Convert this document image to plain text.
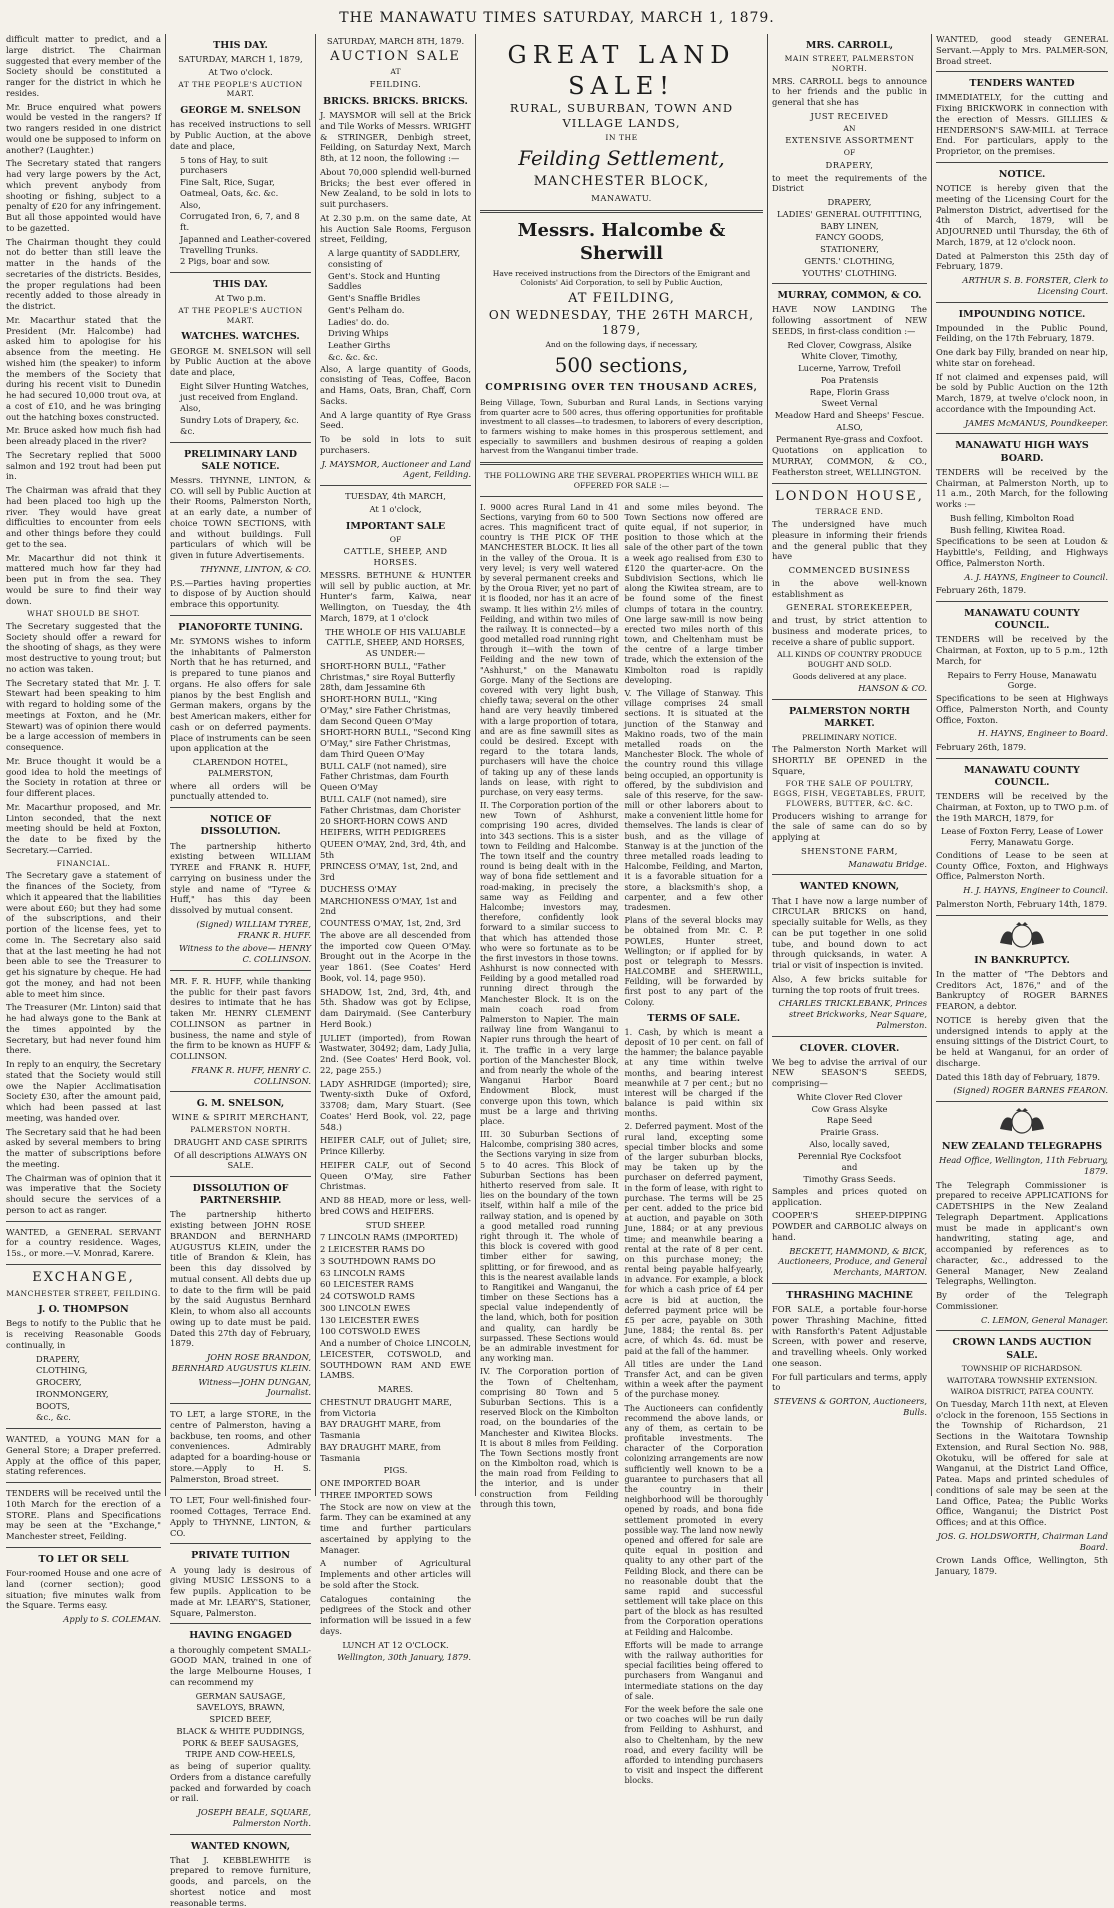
THE MANAWATU TIMES SATURDAY, MARCH 1, 1879.

difficult matter to predict, and a large district. The Chairman suggested that every member of the Society should be constituted a ranger for the district in which he resides.

Mr. Bruce enquired what powers would be vested in the rangers? If two rangers resided in one district would one be supposed to inform on another? (Laughter.)

The Secretary stated that rangers had very large powers by the Act, which prevent anybody from shooting or fishing, subject to a penalty of £20 for any infringement. But all those appointed would have to be gazetted.

The Chairman thought they could not do better than still leave the matter in the hands of the secretaries of the districts. Besides, the proper regulations had been recently added to those already in the district.

Mr. Macarthur stated that the President (Mr. Halcombe) had asked him to apologise for his absence from the meeting. He wished him (the speaker) to inform the members of the Society that during his recent visit to Dunedin he had secured 10,000 trout ova, at a cost of £10, and he was bringing out the hatching boxes constructed.

Mr. Bruce asked how much fish had been already placed in the river?

The Secretary replied that 5000 salmon and 192 trout had been put in.

The Chairman was afraid that they had been placed too high up the river. They would have great difficulties to encounter from eels and other things before they could get to the sea.

Mr. Macarthur did not think it mattered much how far they had been put in from the sea. They would be sure to find their way down.

WHAT SHOULD BE SHOT.

The Secretary suggested that the Society should offer a reward for the shooting of shags, as they were most destructive to young trout; but no action was taken.

The Secretary stated that Mr. J. T. Stewart had been speaking to him with regard to holding some of the meetings at Foxton, and he (Mr. Stewart) was of opinion there would be a large accession of members in consequence.

Mr. Bruce thought it would be a good idea to hold the meetings of the Society in rotation at three or four different places.

Mr. Macarthur proposed, and Mr. Linton seconded, that the next meeting should be held at Foxton, the date to be fixed by the Secretary.—Carried.

FINANCIAL.

The Secretary gave a statement of the finances of the Society, from which it appeared that the liabilities were about £60; but they had some of the subscriptions, and their portion of the license fees, yet to come in. The Secretary also said that at the last meeting he had not been able to see the Treasurer to get his signature by cheque. He had got the money, and had not been able to meet him since.

The Treasurer (Mr. Linton) said that he had always gone to the Bank at the times appointed by the Secretary, but had never found him there.

In reply to an enquiry, the Secretary stated that the Society would still owe the Napier Acclimatisation Society £30, after the amount paid, which had been passed at last meeting, was handed over.

The Secretary said that he had been asked by several members to bring the matter of subscriptions before the meeting.

The Chairman was of opinion that it was imperative that the Society should secure the services of a person to act as ranger.

WANTED, a GENERAL SERVANT for a country residence. Wages, 15s., or more.—V. Monrad, Karere.

EXCHANGE,
MANCHESTER STREET, FEILDING.
J. O. THOMPSON

Begs to notify to the Public that he is receiving Reasonable Goods continually, in

DRAPERY,
CLOTHING,
GROCERY,
IRONMONGERY,
BOOTS,
&c., &c.

WANTED, a YOUNG MAN for a General Store; a Draper preferred. Apply at the office of this paper, stating references.

TENDERS will be received until the 10th March for the erection of a STORE. Plans and Specifications may be seen at the "Exchange," Manchester street, Feilding.

TO LET OR SELL

Four-roomed House and one acre of land (corner section); good situation; five minutes walk from the Square. Terms easy.

Apply to S. COLEMAN.
THIS DAY.
SATURDAY, MARCH 1, 1879,
At Two o'clock.
AT THE PEOPLE'S AUCTION MART.
GEORGE M. SNELSON

has received instructions to sell by Public Auction, at the above date and place,

5 tons of Hay, to suit purchasers
Fine Salt, Rice, Sugar, Oatmeal, Oats, &c. &c.
Also,
Corrugated Iron, 6, 7, and 8 ft.
Japanned and Leather-covered Travelling Trunks.
2 Pigs, boar and sow.
THIS DAY.
At Two p.m.
AT THE PEOPLE'S AUCTION MART.
WATCHES. WATCHES.

GEORGE M. SNELSON will sell by Public Auction at the above date and place,

Eight Silver Hunting Watches, just received from England.
Also,
Sundry Lots of Drapery, &c. &c.
PRELIMINARY LAND SALE NOTICE.

Messrs. THYNNE, LINTON, & CO. will sell by Public Auction at their Rooms, Palmerston North, at an early date, a number of choice TOWN SECTIONS, with and without buildings. Full particulars of which will be given in future Advertisements.

THYNNE, LINTON, & CO.

P.S.—Parties having properties to dispose of by Auction should embrace this opportunity.

PIANOFORTE TUNING.

Mr. SYMONS wishes to inform the inhabitants of Palmerston North that he has returned, and is prepared to tune pianos and organs. He also offers for sale pianos by the best English and German makers, organs by the best American makers, either for cash or on deferred payments. Place of instruments can be seen upon application at the

CLARENDON HOTEL, PALMERSTON,

where all orders will be punctually attended to.

NOTICE OF DISSOLUTION.

The partnership hitherto existing between WILLIAM TYREE and FRANK R. HUFF, carrying on business under the style and name of "Tyree & Huff," has this day been dissolved by mutual consent.

(Signed) WILLIAM TYREE, FRANK R. HUFF.
Witness to the above— HENRY C. COLLINSON.

MR. F. R. HUFF, while thanking the public for their past favors desires to intimate that he has taken Mr. HENRY CLEMENT COLLINSON as partner in business, the name and style of the firm to be known as HUFF & COLLINSON.

FRANK R. HUFF, HENRY C. COLLINSON.
G. M. SNELSON,
WINE & SPIRIT MERCHANT,
PALMERSTON NORTH.
DRAUGHT AND CASE SPIRITS
Of all descriptions ALWAYS ON SALE.
DISSOLUTION OF PARTNERSHIP.

The partnership hitherto existing between JOHN ROSE BRANDON and BERNHARD AUGUSTUS KLEIN, under the title of Brandon & Klein, has been this day dissolved by mutual consent. All debts due up to date to the firm will be paid by the said Augustus Bernhard Klein, to whom also all accounts owing up to date must be paid. Dated this 27th day of February, 1879.

JOHN ROSE BRANDON, BERNHARD AUGUSTUS KLEIN.
Witness—JOHN DUNGAN, Journalist.

TO LET, a large STORE, in the centre of Palmerston, having a backbuse, ten rooms, and other conveniences. Admirably adapted for a boarding-house or store.—Apply to H. S. Palmerston, Broad street.

TO LET, Four well-finished four-roomed Cottages, Terrace End. Apply to THYNNE, LINTON, & CO.

PRIVATE TUITION

A young lady is desirous of giving MUSIC LESSONS to a few pupils. Application to be made at Mr. LEARY'S, Stationer, Square, Palmerston.

HAVING ENGAGED

a thoroughly competent SMALL-GOOD MAN, trained in one of the large Melbourne Houses, I can recommend my

GERMAN SAUSAGE,
SAVELOYS, BRAWN,
SPICED BEEF,
BLACK & WHITE PUDDINGS,
PORK & BEEF SAUSAGES,
TRIPE AND COW-HEELS,

as being of superior quality. Orders from a distance carefully packed and forwarded by coach or rail.

JOSEPH BEALE, SQUARE, Palmerston North.
WANTED KNOWN,

That J. KEBBLEWHITE is prepared to remove furniture, goods, and parcels, on the shortest notice and most reasonable terms.

SATURDAY, MARCH 8TH, 1879.
AUCTION SALE
AT
FEILDING.
BRICKS. BRICKS. BRICKS.

J. MAYSMOR will sell at the Brick and Tile Works of Messrs. WRIGHT & STRINGER, Denbigh street, Feilding, on Saturday Next, March 8th, at 12 noon, the following :—

About 70,000 splendid well-burned Bricks; the best ever offered in New Zealand, to be sold in lots to suit purchasers.

At 2.30 p.m. on the same date, At his Auction Sale Rooms, Ferguson street, Feilding,

A large quantity of SADDLERY, consisting of
Gent's. Stock and Hunting Saddles
Gent's Snaffle Bridles
Gent's Pelham do.
Ladies' do. do.
Driving Whips
Leather Girths
&c. &c. &c.

Also, A large quantity of Goods, consisting of Teas, Coffee, Bacon and Hams, Oats, Bran, Chaff, Corn Sacks.

And A large quantity of Rye Grass Seed.

To be sold in lots to suit purchasers.

J. MAYSMOR, Auctioneer and Land Agent, Feilding.
TUESDAY, 4th MARCH,
At 1 o'clock,
IMPORTANT SALE
OF
CATTLE, SHEEP, AND HORSES.

MESSRS. BETHUNE & HUNTER will sell by public auction, at Mr. Hunter's farm, Kaiwa, near Wellington, on Tuesday, the 4th March, 1879, at 1 o'clock

THE WHOLE OF HIS VALUABLE CATTLE, SHEEP, AND HORSES, AS UNDER:—
SHORT-HORN BULL, "Father Christmas," sire Royal Butterfly 28th, dam Jessamine 6th
SHORT-HORN BULL, "King O'May," sire Father Christmas, dam Second Queen O'May
SHORT-HORN BULL, "Second King O'May," sire Father Christmas, dam Third Queen O'May
BULL CALF (not named), sire Father Christmas, dam Fourth Queen O'May
BULL CALF (not named), sire Father Christmas, dam Chorister
20 SHORT-HORN COWS AND HEIFERS, WITH PEDIGREES
QUEEN O'MAY, 2nd, 3rd, 4th, and 5th
PRINCESS O'MAY, 1st, 2nd, and 3rd
DUCHESS O'MAY
MARCHIONESS O'MAY, 1st and 2nd
COUNTESS O'MAY, 1st, 2nd, 3rd

The above are all descended from the imported cow Queen O'May. Brought out in the Acorpe in the year 1861. (See Coates' Herd Book, vol. 14, page 950).

SHADOW, 1st, 2nd, 3rd, 4th, and 5th. Shadow was got by Eclipse, dam Dairymaid. (See Canterbury Herd Book.)

JULIET (imported), from Rowan Wastwater, 30492; dam, Lady Julia, 2nd. (See Coates' Herd Book, vol. 22, page 255.)

LADY ASHRIDGE (imported); sire, Twenty-sixth Duke of Oxford, 33708; dam, Mary Stuart. (See Coates' Herd Book, vol. 22, page 548.)

HEIFER CALF, out of Juliet; sire, Prince Killerby.

HEIFER CALF, out of Second Queen O'May, sire Father Christmas.

AND 88 HEAD, more or less, well-bred COWS and HEIFERS.

STUD SHEEP.
7 LINCOLN RAMS (IMPORTED)
2 LEICESTER RAMS DO
3 SOUTHDOWN RAMS DO
63 LINCOLN RAMS
60 LEICESTER RAMS
24 COTSWOLD RAMS
300 LINCOLN EWES
130 LEICESTER EWES
100 COTSWOLD EWES

And a number of Choice LINCOLN, LEICESTER, COTSWOLD, and SOUTHDOWN RAM AND EWE LAMBS.

MARES.
CHESTNUT DRAUGHT MARE, from Victoria
BAY DRAUGHT MARE, from Tasmania
BAY DRAUGHT MARE, from Tasmania
PIGS.
ONE IMPORTED BOAR
THREE IMPORTED SOWS

The Stock are now on view at the farm. They can be examined at any time and further particulars ascertained by applying to the Manager.

A number of Agricultural Implements and other articles will be sold after the Stock.

Catalogues containing the pedigrees of the Stock and other information will be issued in a few days.

LUNCH AT 12 O'CLOCK.
Wellington, 30th January, 1879.
GREAT LAND SALE!
RURAL, SUBURBAN, TOWN AND VILLAGE LANDS,
IN THE
Feilding Settlement,
MANCHESTER BLOCK,
MANAWATU.
Messrs. Halcombe & Sherwill

Have received instructions from the Directors of the Emigrant and Colonists' Aid Corporation, to sell by Public Auction,

AT FEILDING,
ON WEDNESDAY, THE 26TH MARCH, 1879,
And on the following days, if necessary,
500 sections,
COMPRISING OVER TEN THOUSAND ACRES,

Being Village, Town, Suburban and Rural Lands, in Sections varying from quarter acre to 500 acres, thus offering opportunities for profitable investment to all classes—to tradesmen, to laborers of every description, to farmers wishing to make homes in this prosperous settlement, and especially to sawmillers and bushmen desirous of reaping a golden harvest from the Wanganui timber trade.

THE FOLLOWING ARE THE SEVERAL PROPERTIES WHICH WILL BE OFFERED FOR SALE :—

I. 9000 acres Rural Land in 41 Sections, varying from 60 to 500 acres. This magnificent tract of country is THE PICK OF THE MANCHESTER BLOCK. It lies all in the valley of the Oroua. It is very level; is very well watered by several permanent creeks and by the Oroua River, yet no part of it is flooded, nor has it an acre of swamp. It lies within 2½ miles of Feilding, and within two miles of the railway. It is connected—by a good metalled road running right through it—with the town of Feilding and the new town of "Ashhurst," on the Manawatu Gorge. Many of the Sections are covered with very light bush, chiefly tawa; several on the other hand are very heavily timbered with a large proportion of totara, and are as fine sawmill sites as could be desired. Except with regard to the totara lands, purchasers will have the choice of taking up any of these lands lands on lease, with right to purchase, on very easy terms.

II. The Corporation portion of the new Town of Ashhurst, comprising 190 acres, divided into 343 sections. This is a sister town to Feilding and Halcombe. The town itself and the country round is being dealt with in the way of bona fide settlement and road-making, in precisely the same way as Feilding and Halcombe; investors may, therefore, confidently look forward to a similar success to that which has attended those who were so fortunate as to be the first investors in those towns. Ashhurst is now connected with Feilding by a good metalled road running direct through the Manchester Block. It is on the main coach road from Palmerston to Napier. The main railway line from Wanganui to Napier runs through the heart of it. The traffic in a very large portion of the Manchester Block, and from nearly the whole of the Wanganui Harbor Board Endowment Block, must converge upon this town, which must be a large and thriving place.

III. 30 Suburban Sections of Halcombe, comprising 380 acres, the Sections varying in size from 5 to 40 acres. This Block of Suburban Sections has been hitherto reserved from sale. It lies on the boundary of the town itself, within half a mile of the railway station, and is opened by a good metalled road running right through it. The whole of this block is covered with good timber either for sawing, splitting, or for firewood, and as this is the nearest available lands to Rangitikei and Wanganui, the timber on these Sections has a special value independently of the land, which, both for position and quality, can hardly be surpassed. These Sections would be an admirable investment for any working man.

IV. The Corporation portion of the Town of Cheltenham, comprising 80 Town and 5 Suburban Sections. This is a reserved Block on the Kimbolton road, on the boundaries of the Manchester and Kiwitea Blocks. It is about 8 miles from Feilding. The Town Sections mostly front on the Kimbolton road, which is the main road from Feilding to the interior, and is under construction from Feilding through this town,

and some miles beyond. The Town Sections now offered are quite equal, if not superior, in position to those which at the sale of the other part of the town a week ago realised from £30 to £120 the quarter-acre. On the Subdivision Sections, which lie along the Kiwitea stream, are to be found some of the finest clumps of totara in the country. One large saw-mill is now being erected two miles north of this town, and Cheltenham must be the centre of a large timber trade, which the extension of the Kimbolton road is rapidly developing.

V. The Village of Stanway. This village comprises 24 small sections. It is situated at the junction of the Stanway and Makino roads, two of the main metalled roads on the Manchester Block. The whole of the country round this village being occupied, an opportunity is offered, by the subdivision and sale of this reserve, for the saw-mill or other laborers about to make a convenient little home for themselves. The lands is clear of bush, and as the village of Stanway is at the junction of the three metalled roads leading to Halcombe, Feilding, and Marton, it is a favorable situation for a store, a blacksmith's shop, a carpenter, and a few other tradesmen.

Plans of the several blocks may be obtained from Mr. C. P. POWLES, Hunter street, Wellington; or if applied for by post or telegraph to Messrs. HALCOMBE and SHERWILL, Feilding, will be forwarded by first post to any part of the Colony.

TERMS OF SALE.

1. Cash, by which is meant a deposit of 10 per cent. on fall of the hammer; the balance payable at any time within twelve months, and bearing interest meanwhile at 7 per cent.; but no interest will be charged if the balance is paid within six months.

2. Deferred payment. Most of the rural land, excepting some special timber blocks and some of the larger suburban blocks, may be taken up by the purchaser on deferred payment, in the form of lease, with right to purchase. The terms will be 25 per cent. added to the price bid at auction, and payable on 30th June, 1884; or at any previous time; and meanwhile bearing a rental at the rate of 8 per cent. on this purchase money; the rental being payable half-yearly, in advance. For example, a block for which a cash price of £4 per acre is bid at auction, the deferred payment price will be £5 per acre, payable on 30th June, 1884; the rental 8s. per acre, of which 4s. 6d. must be paid at the fall of the hammer.

All titles are under the Land Transfer Act, and can be given within a week after the payment of the purchase money.

The Auctioneers can confidently recommend the above lands, or any of them, as certain to be profitable investments. The character of the Corporation colonizing arrangements are now sufficiently well known to be a guarantee to purchasers that all the country in their neighborhood will be thoroughly opened by roads, and bona fide settlement promoted in every possible way. The land now newly opened and offered for sale are quite equal in position and quality to any other part of the Feilding Block, and there can be no reasonable doubt that the same rapid and successful settlement will take place on this part of the block as has resulted from the Corporation operations at Feilding and Halcombe.

Efforts will be made to arrange with the railway authorities for special facilities being offered to purchasers from Wanganui and intermediate stations on the day of sale.

For the week before the sale one or two coaches will be run daily from Feilding to Ashhurst, and also to Cheltenham, by the new road, and every facility will be afforded to intending purchasers to visit and inspect the different blocks.

MRS. CARROLL,
MAIN STREET, PALMERSTON NORTH.

MRS. CARROLL begs to announce to her friends and the public in general that she has

JUST RECEIVED
AN
EXTENSIVE ASSORTMENT
OF
DRAPERY,

to meet the requirements of the District

DRAPERY,
LADIES' GENERAL OUTFITTING,
BABY LINEN,
FANCY GOODS,
STATIONERY,
GENTS.' CLOTHING,
YOUTHS' CLOTHING.
MURRAY, COMMON, & CO.

HAVE NOW LANDING The following assortment of NEW SEEDS, in first-class condition :—

Red Clover, Cowgrass, Alsike
White Clover, Timothy,
Lucerne, Yarrow, Trefoil
Poa Pratensis
Rape, Florin Grass
Sweet Vernal
Meadow Hard and Sheeps' Fescue.
ALSO,
Permanent Rye-grass and Coxfoot.

Quotations on application to MURRAY, COMMON, & CO., Featherston street, WELLINGTON.

LONDON HOUSE,
TERRACE END.

The undersigned have much pleasure in informing their friends and the general public that they have

COMMENCED BUSINESS

in the above well-known establishment as

GENERAL STOREKEEPER,

and trust, by strict attention to business and moderate prices, to receive a share of public support.

ALL KINDS OF COUNTRY PRODUCE BOUGHT AND SOLD.
Goods delivered at any place.
HANSON & CO.
PALMERSTON NORTH MARKET.
PRELIMINARY NOTICE.

The Palmerston North Market will SHORTLY BE OPENED in the Square,

FOR THE SALE OF POULTRY, EGGS, FISH, VEGETABLES, FRUIT, FLOWERS, BUTTER, &C. &C.

Producers wishing to arrange for the sale of same can do so by applying at

SHENSTONE FARM,
Manawatu Bridge.
WANTED KNOWN,

That I have now a large number of CIRCULAR BRICKS on hand, specially suitable for Wells, as they can be put together in one solid tube, and bound down to act through quicksands, in water. A trial or visit of inspection is invited.

Also, A few bricks suitable for turning the top roots of fruit trees.

CHARLES TRICKLEBANK, Princes street Brickworks, Near Square, Palmerston.
CLOVER. CLOVER.

We beg to advise the arrival of our NEW SEASON'S SEEDS, comprising—

White Clover Red Clover
Cow Grass Alsyke
Rape Seed
Prairie Grass.
Also, locally saved,
Perennial Rye Cocksfoot
and
Timothy Grass Seeds.

Samples and prices quoted on application.

COOPER'S SHEEP-DIPPING POWDER and CARBOLIC always on hand.

BECKETT, HAMMOND, & BICK, Auctioneers, Produce, and General Merchants, MARTON.
THRASHING MACHINE

FOR SALE, a portable four-horse power Thrashing Machine, fitted with Ransforth's Patent Adjustable Screen, with power and reserve, and travelling wheels. Only worked one season.

For full particulars and terms, apply to

STEVENS & GORTON, Auctioneers, Bulls.

WANTED, good steady GENERAL Servant.—Apply to Mrs. PALMER-SON, Broad street.

TENDERS WANTED

IMMEDIATELY, for the cutting and Fixing BRICKWORK in connection with the erection of Messrs. GILLIES & HENDERSON'S SAW-MILL at Terrace End. For particulars, apply to the Proprietor, on the premises.

NOTICE.

NOTICE is hereby given that the meeting of the Licensing Court for the Palmerston District, advertised for the 4th of March, 1879, will be ADJOURNED until Thursday, the 6th of March, 1879, at 12 o'clock noon.

Dated at Palmerston this 25th day of February, 1879.

ARTHUR S. B. FORSTER, Clerk to Licensing Court.
IMPOUNDING NOTICE.

Impounded in the Public Pound, Feilding, on the 17th February, 1879.

One dark bay Filly, branded on near hip, white star on forehead.

If not claimed and expenses paid, will be sold by Public Auction on the 12th March, 1879, at twelve o'clock noon, in accordance with the Impounding Act.

JAMES McMANUS, Poundkeeper.
MANAWATU HIGH WAYS BOARD.

TENDERS will be received by the Chairman, at Palmerston North, up to 11 a.m., 20th March, for the following works :—

Bush felling, Kimbolton Road
Bush felling, Kiwitea Road.

Specifications to be seen at Loudon & Haybittle's, Feilding, and Highways Office, Palmerston North.

A. J. HAYNS, Engineer to Council.

February 26th, 1879.

MANAWATU COUNTY COUNCIL.

TENDERS will be received by the Chairman, at Foxton, up to 5 p.m., 12th March, for

Repairs to Ferry House, Manawatu Gorge.

Specifications to be seen at Highways Office, Palmerston North, and County Office, Foxton.

H. HAYNS, Engineer to Board.

February 26th, 1879.

MANAWATU COUNTY COUNCIL.

TENDERS will be received by the Chairman, at Foxton, up to TWO p.m. of the 19th MARCH, 1879, for

Lease of Foxton Ferry, Lease of Lower Ferry, Manawatu Gorge.

Conditions of Lease to be seen at County Office, Foxton, and Highways Office, Palmerston North.

H. J. HAYNS, Engineer to Council.

Palmerston North, February 14th, 1879.

IN BANKRUPTCY.

In the matter of "The Debtors and Creditors Act, 1876," and of the Bankruptcy of ROGER BARNES FEARON, a debtor.

NOTICE is hereby given that the undersigned intends to apply at the ensuing sittings of the District Court, to be held at Wanganui, for an order of discharge.

Dated this 18th day of February, 1879.

(Signed) ROGER BARNES FEARON.
NEW ZEALAND TELEGRAPHS
Head Office, Wellington, 11th February, 1879.

The Telegraph Commissioner is prepared to receive APPLICATIONS for CADETSHIPS in the New Zealand Telegraph Department. Applications must be made in applicant's own handwriting, stating age, and accompanied by references as to character, &c., addressed to the General Manager, New Zealand Telegraphs, Wellington.

By order of the Telegraph Commissioner.

C. LEMON, General Manager.
CROWN LANDS AUCTION SALE.
TOWNSHIP OF RICHARDSON.
WAITOTARA TOWNSHIP EXTENSION.
WAIROA DISTRICT, PATEA COUNTY.

On Tuesday, March 11th next, at Eleven o'clock in the forenoon, 155 Sections in the Township of Richardson, 21 Sections in the Waitotara Township Extension, and Rural Section No. 988, Okotuku, will be offered for sale at Wanganui, at the District Land Office, Patea. Maps and printed schedules of conditions of sale may be seen at the Land Office, Patea; the Public Works Office, Wanganui; the District Post Offices; and at this Office.

JOS. G. HOLDSWORTH, Chairman Land Board.

Crown Lands Office, Wellington, 5th January, 1879.
